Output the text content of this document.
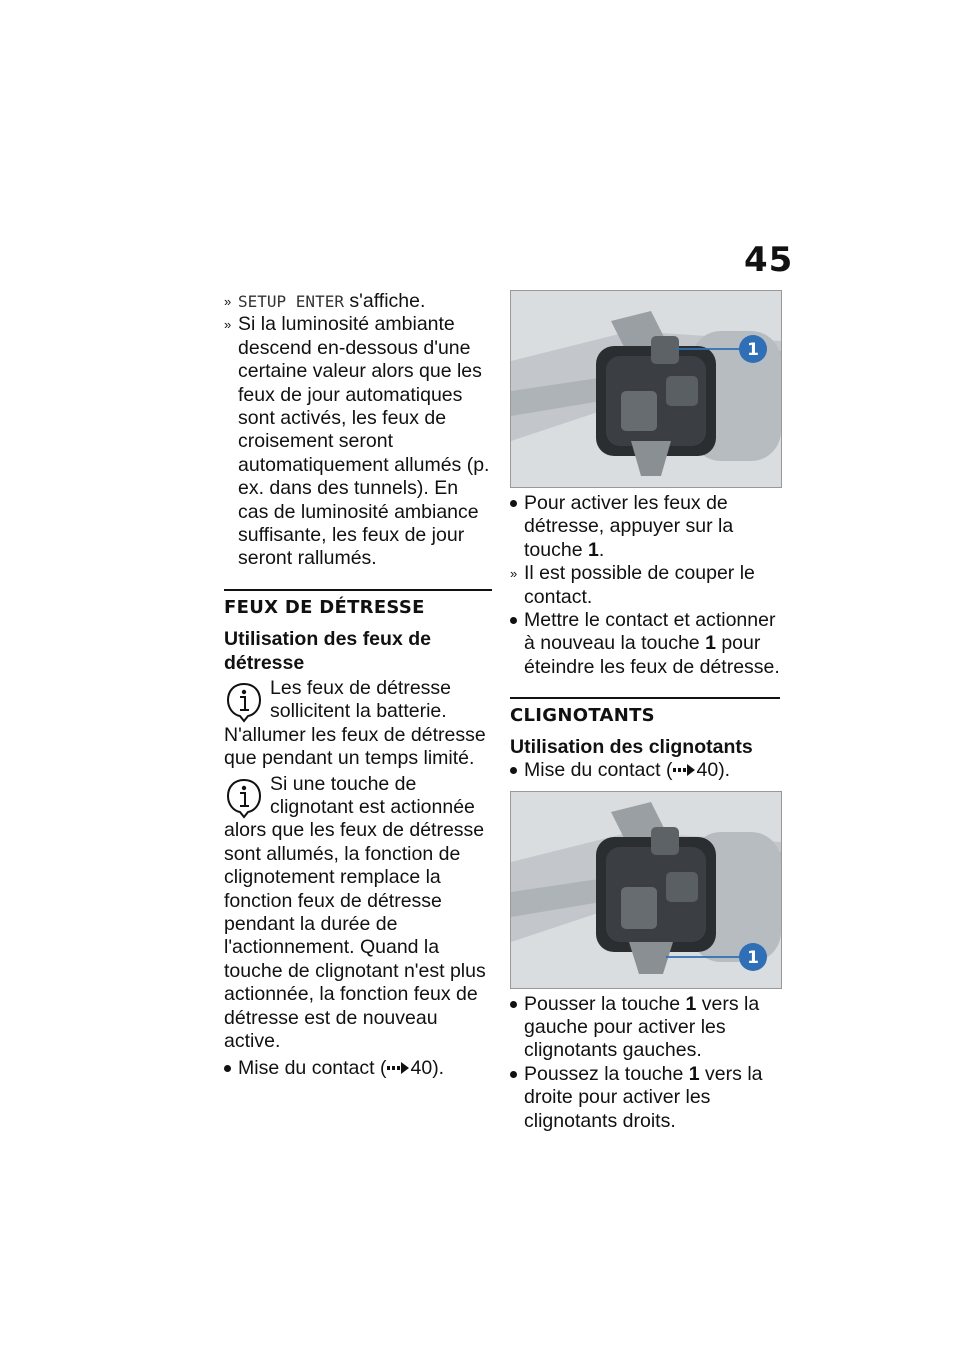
45
» SETUP ENTER s'affiche.
» Si la luminosité ambiante descend en-dessous d'une certaine valeur alors que les feux de jour automatiques sont activés, les feux de croisement seront automatiquement allumés (p. ex. dans des tunnels). En cas de luminosité ambiance suffisante, les feux de jour seront rallumés.
FEUX DE DÉTRESSE
Utilisation des feux de détresse
Les feux de détresse sollicitent la batterie. N'allumer les feux de détresse que pendant un temps limité.
Si une touche de clignotant est actionnée alors que les feux de détresse sont allumés, la fonction de clignotement remplace la fonction feux de détresse pendant la durée de l'actionnement. Quand la touche de clignotant n'est plus actionnée, la fonction feux de détresse est de nouveau active.
Mise du contact ( 40).
1
Pour activer les feux de détresse, appuyer sur la touche 1.
» Il est possible de couper le contact.
Mettre le contact et actionner à nouveau la touche 1 pour éteindre les feux de détresse.
CLIGNOTANTS
Utilisation des clignotants
Mise du contact ( 40).
1
Pousser la touche 1 vers la gauche pour activer les clignotants gauches.
Poussez la touche 1 vers la droite pour activer les clignotants droits.
